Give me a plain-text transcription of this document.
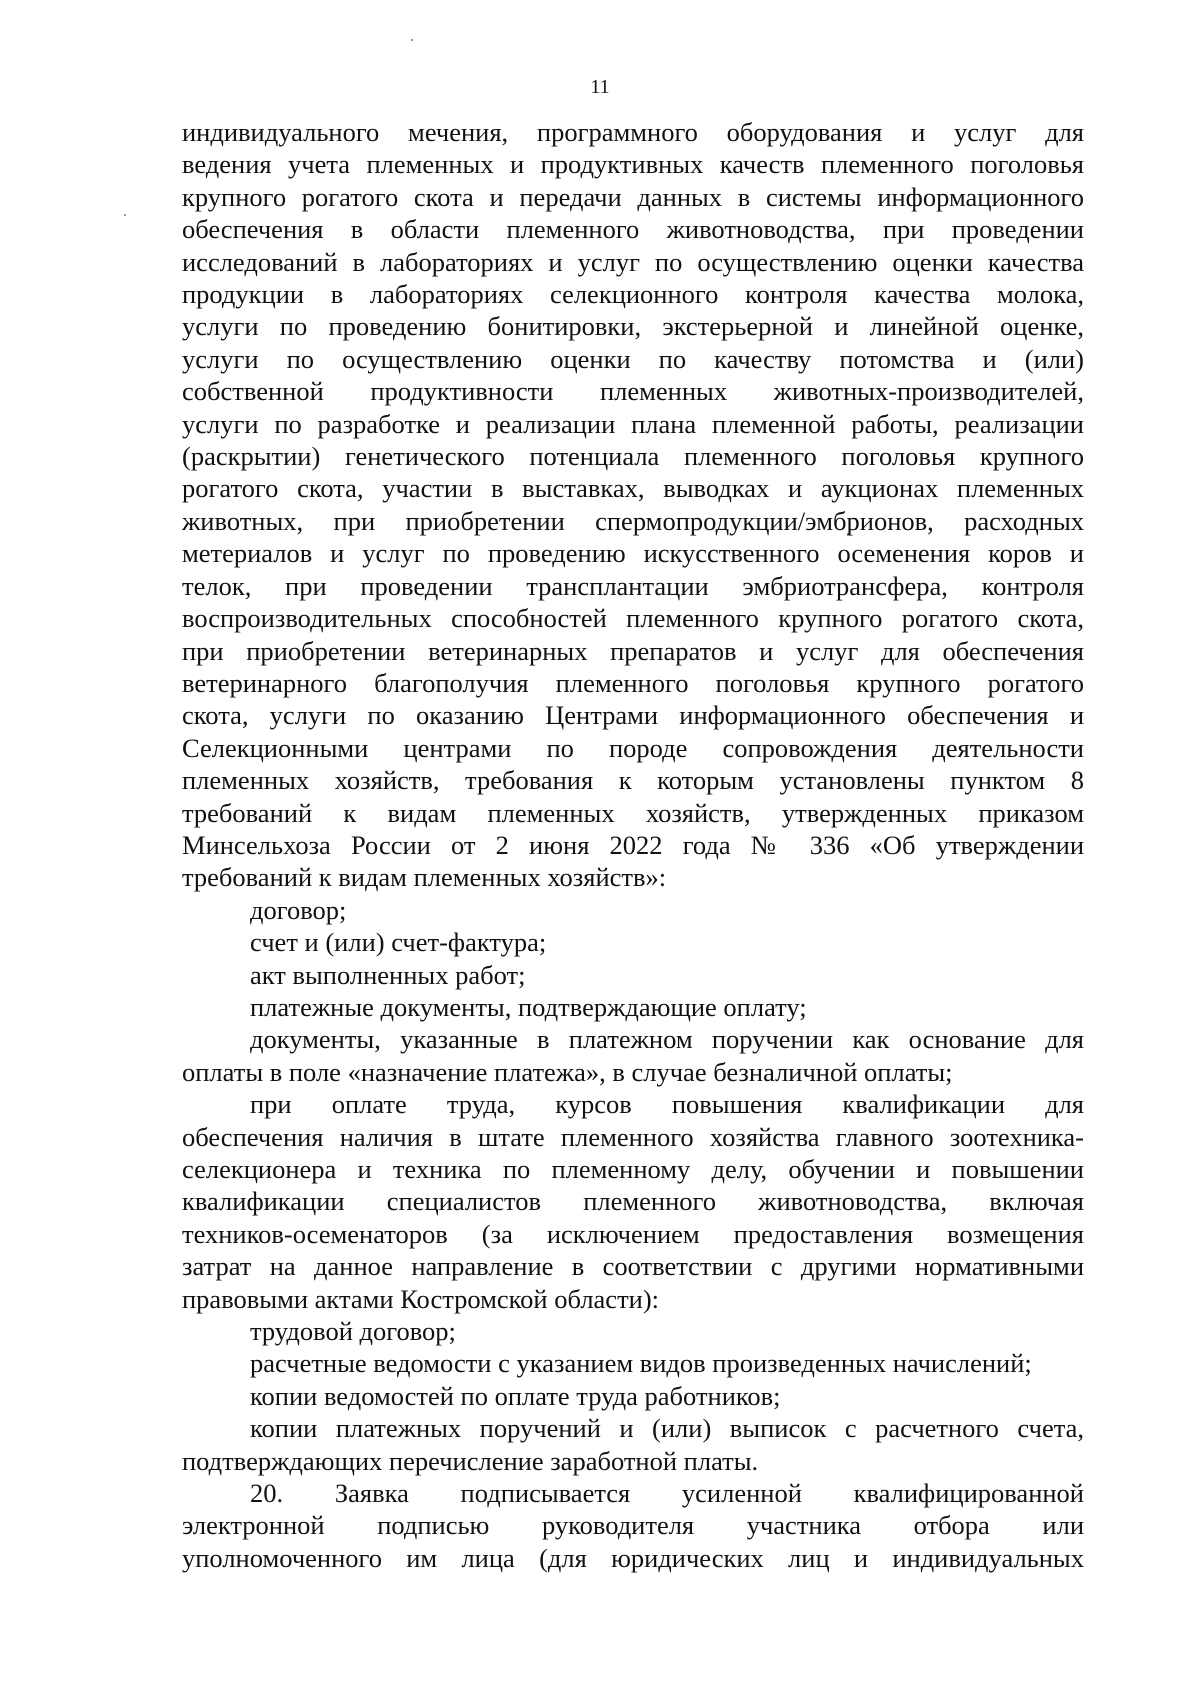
11

индивидуального мечения, программного оборудования и услуг для

ведения учета племенных и продуктивных качеств племенного поголовья

крупного рогатого скота и передачи данных в системы информационного

обеспечения в области племенного животноводства, при проведении

исследований в лабораториях и услуг по осуществлению оценки качества

продукции в лабораториях селекционного контроля качества молока,

услуги по проведению бонитировки, экстерьерной и линейной оценке,

услуги по осуществлению оценки по качеству потомства и (или)

собственной продуктивности племенных животных-производителей,

услуги по разработке и реализации плана племенной работы, реализации

(раскрытии) генетического потенциала племенного поголовья крупного

рогатого скота, участии в выставках, выводках и аукционах племенных

животных, при приобретении спермопродукции/эмбрионов, расходных

метериалов и услуг по проведению искусственного осеменения коров и

телок, при проведении трансплантации эмбриотрансфера, контроля

воспроизводительных способностей племенного крупного рогатого скота,

при приобретении ветеринарных препаратов и услуг для обеспечения

ветеринарного благополучия племенного поголовья крупного рогатого

скота, услуги по оказанию Центрами информационного обеспечения и

Селекционными центрами по породе сопровождения деятельности

племенных хозяйств, требования к которым установлены пунктом 8

требований к видам племенных хозяйств, утвержденных приказом

Минсельхоза России от 2 июня 2022 года № 336 «Об утверждении

требований к видам племенных хозяйств»:

договор;

счет и (или) счет-фактура;

акт выполненных работ;

платежные документы, подтверждающие оплату;

документы, указанные в платежном поручении как основание для

оплаты в поле «назначение платежа», в случае безналичной оплаты;

при оплате труда, курсов повышения квалификации для

обеспечения наличия в штате племенного хозяйства главного зоотехника-

селекционера и техника по племенному делу, обучении и повышении

квалификации специалистов племенного животноводства, включая

техников-осеменаторов (за исключением предоставления возмещения

затрат на данное направление в соответствии с другими нормативными

правовыми актами Костромской области):

трудовой договор;

расчетные ведомости с указанием видов произведенных начислений;

копии ведомостей по оплате труда работников;

копии платежных поручений и (или) выписок с расчетного счета,

подтверждающих перечисление заработной платы.

20. Заявка подписывается усиленной квалифицированной

электронной подписью руководителя участника отбора или

уполномоченного им лица (для юридических лиц и индивидуальных
